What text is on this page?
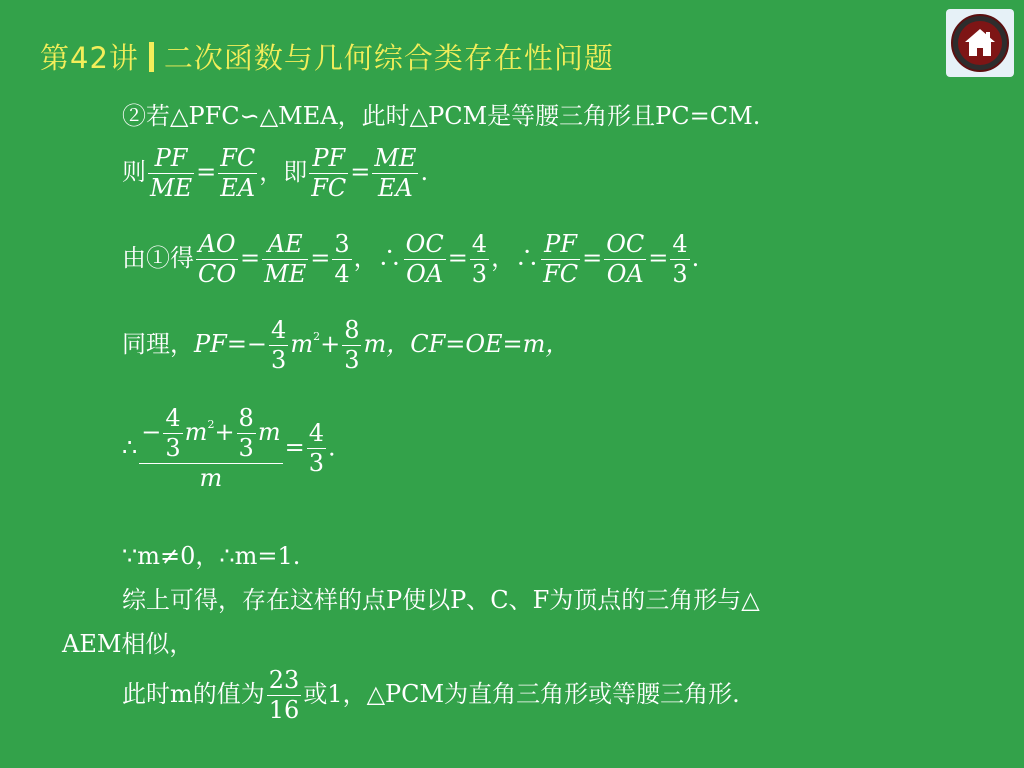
第42讲 二次函数与几何综合类存在性问题
②若△PFC∽△MEA，此时△PCM是等腰三角形且PC=CM.
则 $\frac{PF}{ME} = \frac{FC}{EA}$ ，即 $\frac{PF}{FC} = \frac{ME}{EA}$ .
由①得 $\frac{AO}{CO} = \frac{AE}{ME} = \frac{3}{4}$ ，∴ $\frac{OC}{OA} = \frac{4}{3}$ ，∴ $\frac{PF}{FC} = \frac{OC}{OA} = \frac{4}{3}$ .
同理，$PF=- \frac{4}{3} m^2+ \frac{8}{3}$ m，CF=OE=m，
∴ $\frac{- \frac{4}{3} m^2+ \frac{8}{3} m}{m} = \frac{4}{3}$ .
∵m≠0，∴m=1.
综上可得，存在这样的点P使以P、C、F为顶点的三角形与△
AEM相似，
此时m的值为 $\frac{23}{16}$ 或1，△PCM为直角三角形或等腰三角形.
